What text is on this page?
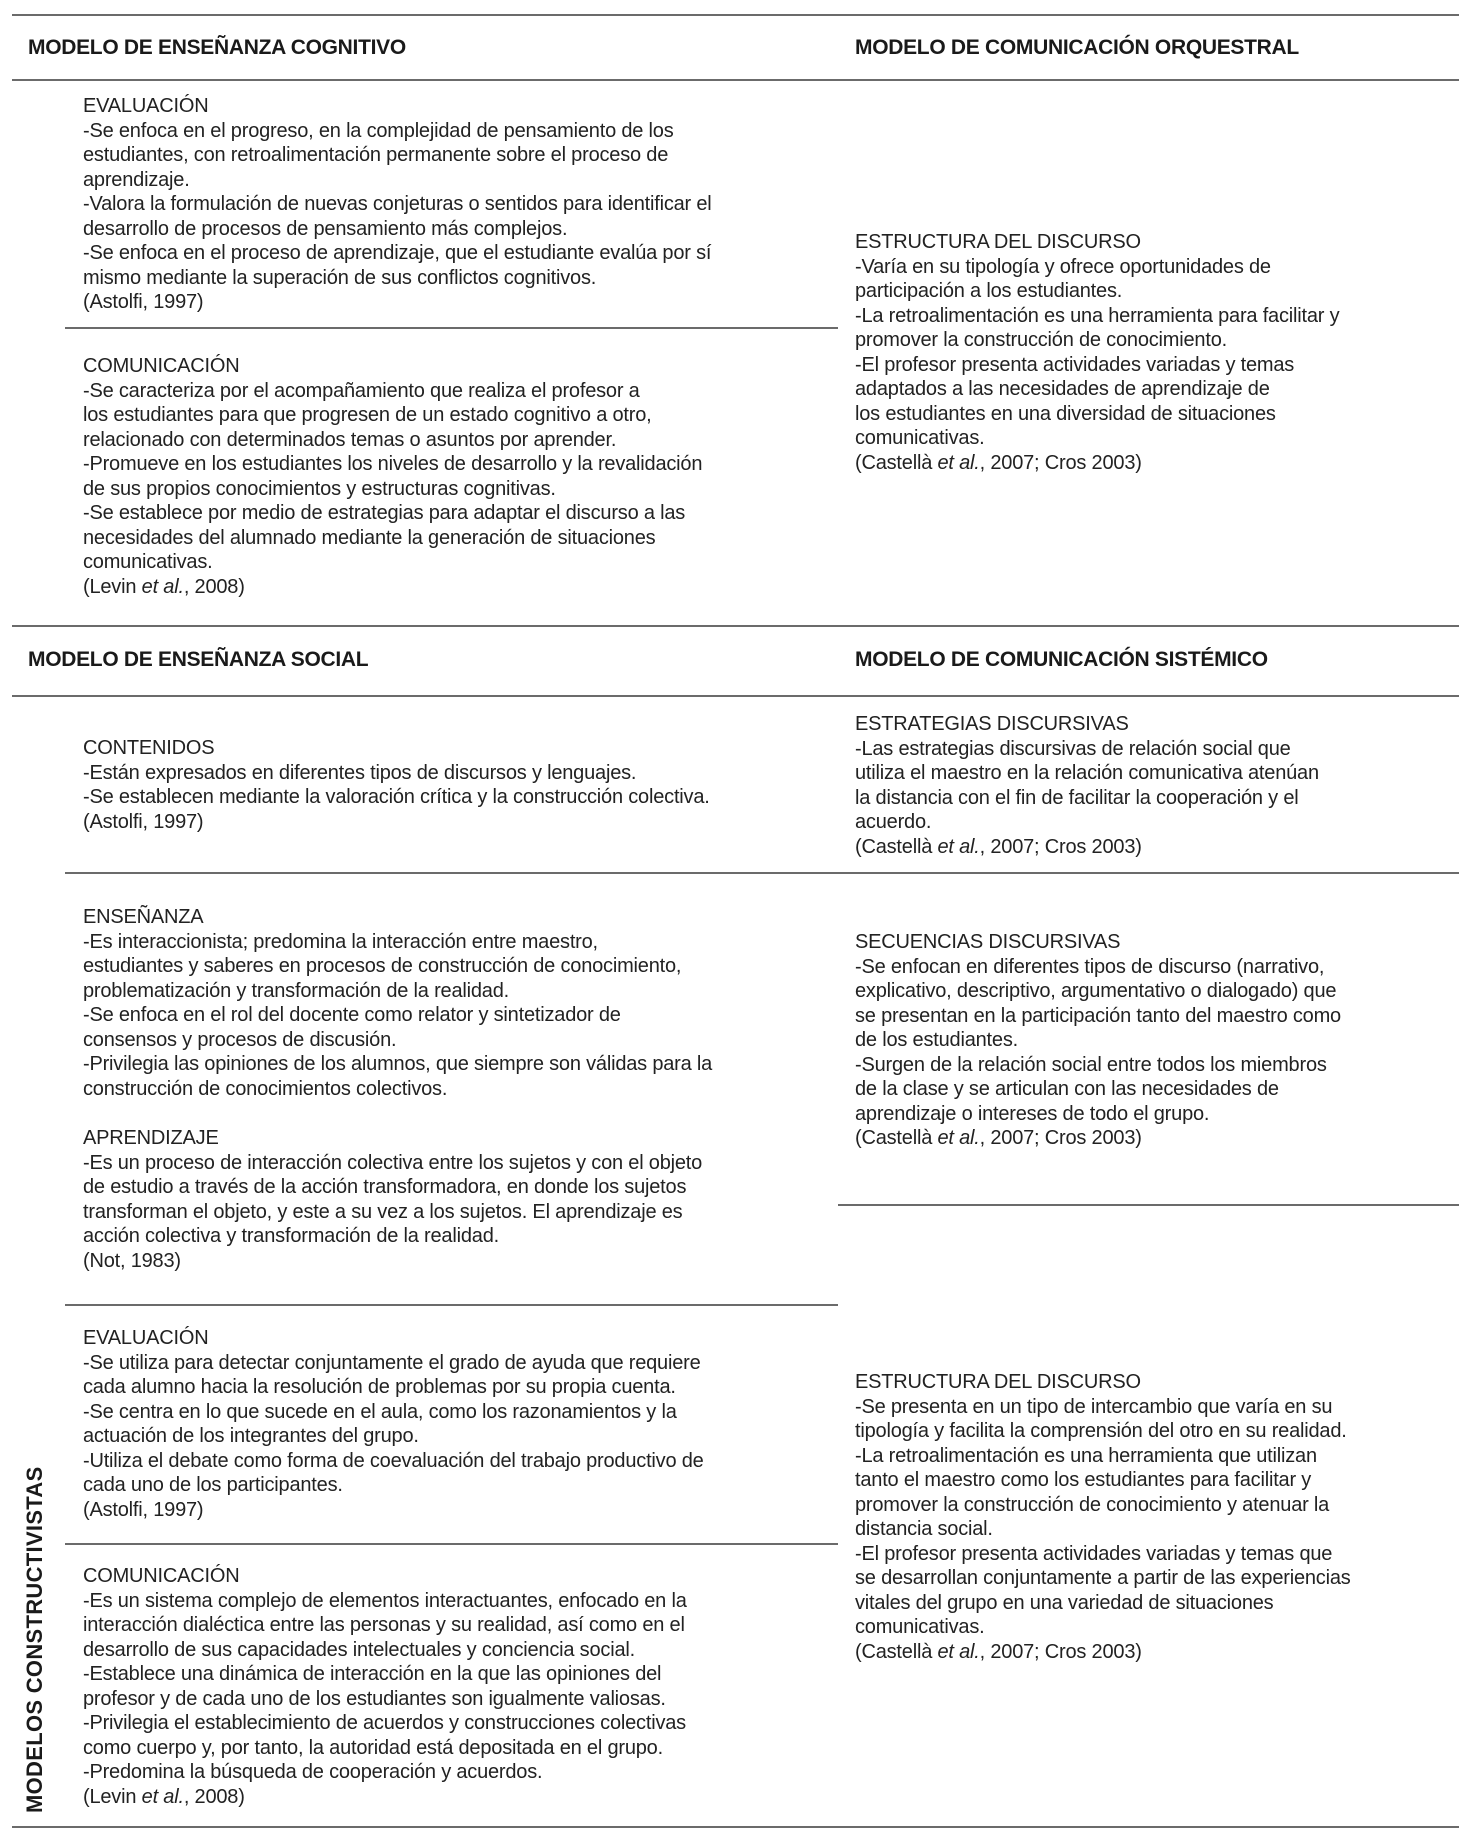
MODELO DE ENSEÑANZA COGNITIVO	MODELO DE COMUNICACIÓN ORQUESTRAL
MODELO DE ENSEÑANZA SOCIAL	MODELO DE COMUNICACIÓN SISTÉMICO
MODELOS CONSTRUCTIVISTAS
EVALUACIÓN
-Se enfoca en el progreso, en la complejidad de pensamiento de los
estudiantes, con retroalimentación permanente sobre el proceso de
aprendizaje.
-Valora la formulación de nuevas conjeturas o sentidos para identificar el
desarrollo de procesos de pensamiento más complejos.
-Se enfoca en el proceso de aprendizaje, que el estudiante evalúa por sí
mismo mediante la superación de sus conflictos cognitivos.
(Astolfi, 1997)
COMUNICACIÓN
-Se caracteriza por el acompañamiento que realiza el profesor a
los estudiantes para que progresen de un estado cognitivo a otro,
relacionado con determinados temas o asuntos por aprender.
-Promueve en los estudiantes los niveles de desarrollo y la revalidación
de sus propios conocimientos y estructuras cognitivas.
-Se establece por medio de estrategias para adaptar el discurso a las
necesidades del alumnado mediante la generación de situaciones
comunicativas.
(Levin et al., 2008)
ESTRUCTURA DEL DISCURSO
-Varía en su tipología y ofrece oportunidades de
participación a los estudiantes.
-La retroalimentación es una herramienta para facilitar y
promover la construcción de conocimiento.
-El profesor presenta actividades variadas y temas
adaptados a las necesidades de aprendizaje de
los estudiantes en una diversidad de situaciones
comunicativas.
(Castellà et al., 2007; Cros 2003)
CONTENIDOS
-Están expresados en diferentes tipos de discursos y lenguajes.
-Se establecen mediante la valoración crítica y la construcción colectiva.
(Astolfi, 1997)
ENSEÑANZA
-Es interaccionista; predomina la interacción entre maestro,
estudiantes y saberes en procesos de construcción de conocimiento,
problematización y transformación de la realidad.
-Se enfoca en el rol del docente como relator y sintetizador de
consensos y procesos de discusión.
-Privilegia las opiniones de los alumnos, que siempre son válidas para la
construcción de conocimientos colectivos.
APRENDIZAJE
-Es un proceso de interacción colectiva entre los sujetos y con el objeto
de estudio a través de la acción transformadora, en donde los sujetos
transforman el objeto, y este a su vez a los sujetos. El aprendizaje es
acción colectiva y transformación de la realidad.
(Not, 1983)
EVALUACIÓN
-Se utiliza para detectar conjuntamente el grado de ayuda que requiere
cada alumno hacia la resolución de problemas por su propia cuenta.
-Se centra en lo que sucede en el aula, como los razonamientos y la
actuación de los integrantes del grupo.
-Utiliza el debate como forma de coevaluación del trabajo productivo de
cada uno de los participantes.
(Astolfi, 1997)
COMUNICACIÓN
-Es un sistema complejo de elementos interactuantes, enfocado en la
interacción dialéctica entre las personas y su realidad, así como en el
desarrollo de sus capacidades intelectuales y conciencia social.
-Establece una dinámica de interacción en la que las opiniones del
profesor y de cada uno de los estudiantes son igualmente valiosas.
-Privilegia el establecimiento de acuerdos y construcciones colectivas
como cuerpo y, por tanto, la autoridad está depositada en el grupo.
-Predomina la búsqueda de cooperación y acuerdos.
(Levin et al., 2008)
ESTRATEGIAS DISCURSIVAS
-Las estrategias discursivas de relación social que
utiliza el maestro en la relación comunicativa atenúan
la distancia con el fin de facilitar la cooperación y el
acuerdo.
(Castellà et al., 2007; Cros 2003)
SECUENCIAS DISCURSIVAS
-Se enfocan en diferentes tipos de discurso (narrativo,
explicativo, descriptivo, argumentativo o dialogado) que
se presentan en la participación tanto del maestro como
de los estudiantes.
-Surgen de la relación social entre todos los miembros
de la clase y se articulan con las necesidades de
aprendizaje o intereses de todo el grupo.
(Castellà et al., 2007; Cros 2003)
ESTRUCTURA DEL DISCURSO
-Se presenta en un tipo de intercambio que varía en su
tipología y facilita la comprensión del otro en su realidad.
-La retroalimentación es una herramienta que utilizan
tanto el maestro como los estudiantes para facilitar y
promover la construcción de conocimiento y atenuar la
distancia social.
-El profesor presenta actividades variadas y temas que
se desarrollan conjuntamente a partir de las experiencias
vitales del grupo en una variedad de situaciones
comunicativas.
(Castellà et al., 2007; Cros 2003)
